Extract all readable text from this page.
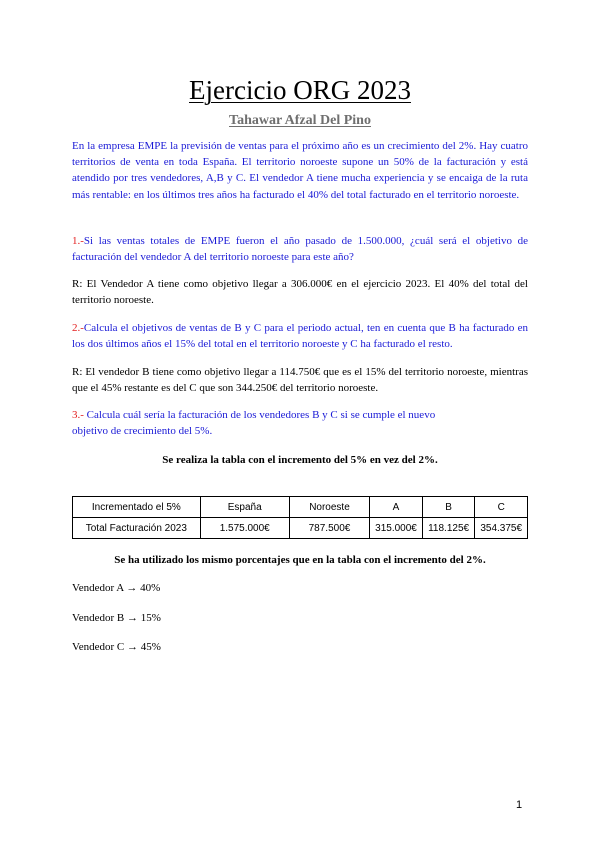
Ejercicio ORG 2023
Tahawar Afzal Del Pino

En la empresa EMPE la previsión de ventas para el próximo año es un crecimiento del 2%. Hay cuatro territorios de venta en toda España. El territorio noroeste supone un 50% de la facturación y está atendido por tres vendedores, A,B y C. El vendedor A tiene mucha experiencia y se encaiga de la ruta más rentable: en los últimos tres años ha facturado el 40% del total facturado en el territorio noroeste.

1.-Si las ventas totales de EMPE fueron el año pasado de 1.500.000, ¿cuál será el objetivo de facturación del vendedor A del territorio noroeste para este año?

R: El Vendedor A tiene como objetivo llegar a 306.000€ en el ejercicio 2023. El 40% del total del territorio noroeste.

2.-Calcula el objetivos de ventas de B y C para el periodo actual, ten en cuenta que B ha facturado en los dos últimos años el 15% del total en el territorio noroeste y C ha facturado el resto.

R: El vendedor B tiene como objetivo llegar a 114.750€ que es el 15% del territorio noroeste, mientras que el 45% restante es del C que son 344.250€ del territorio noroeste.

3.- Calcula cuál sería la facturación de los vendedores B y C si se cumple el nuevo
objetivo de crecimiento del 5%.

Se realiza la tabla con el incremento del 5% en vez del 2%.
Incrementado el 5%	España	Noroeste	A	B	C
Total Facturación 2023	1.575.000€	787.500€	315.000€	118.125€	354.375€
Se ha utilizado los mismo porcentajes que en la tabla con el incremento del 2%.
Vendedor A → 40%
Vendedor B → 15%
Vendedor C → 45%
1
